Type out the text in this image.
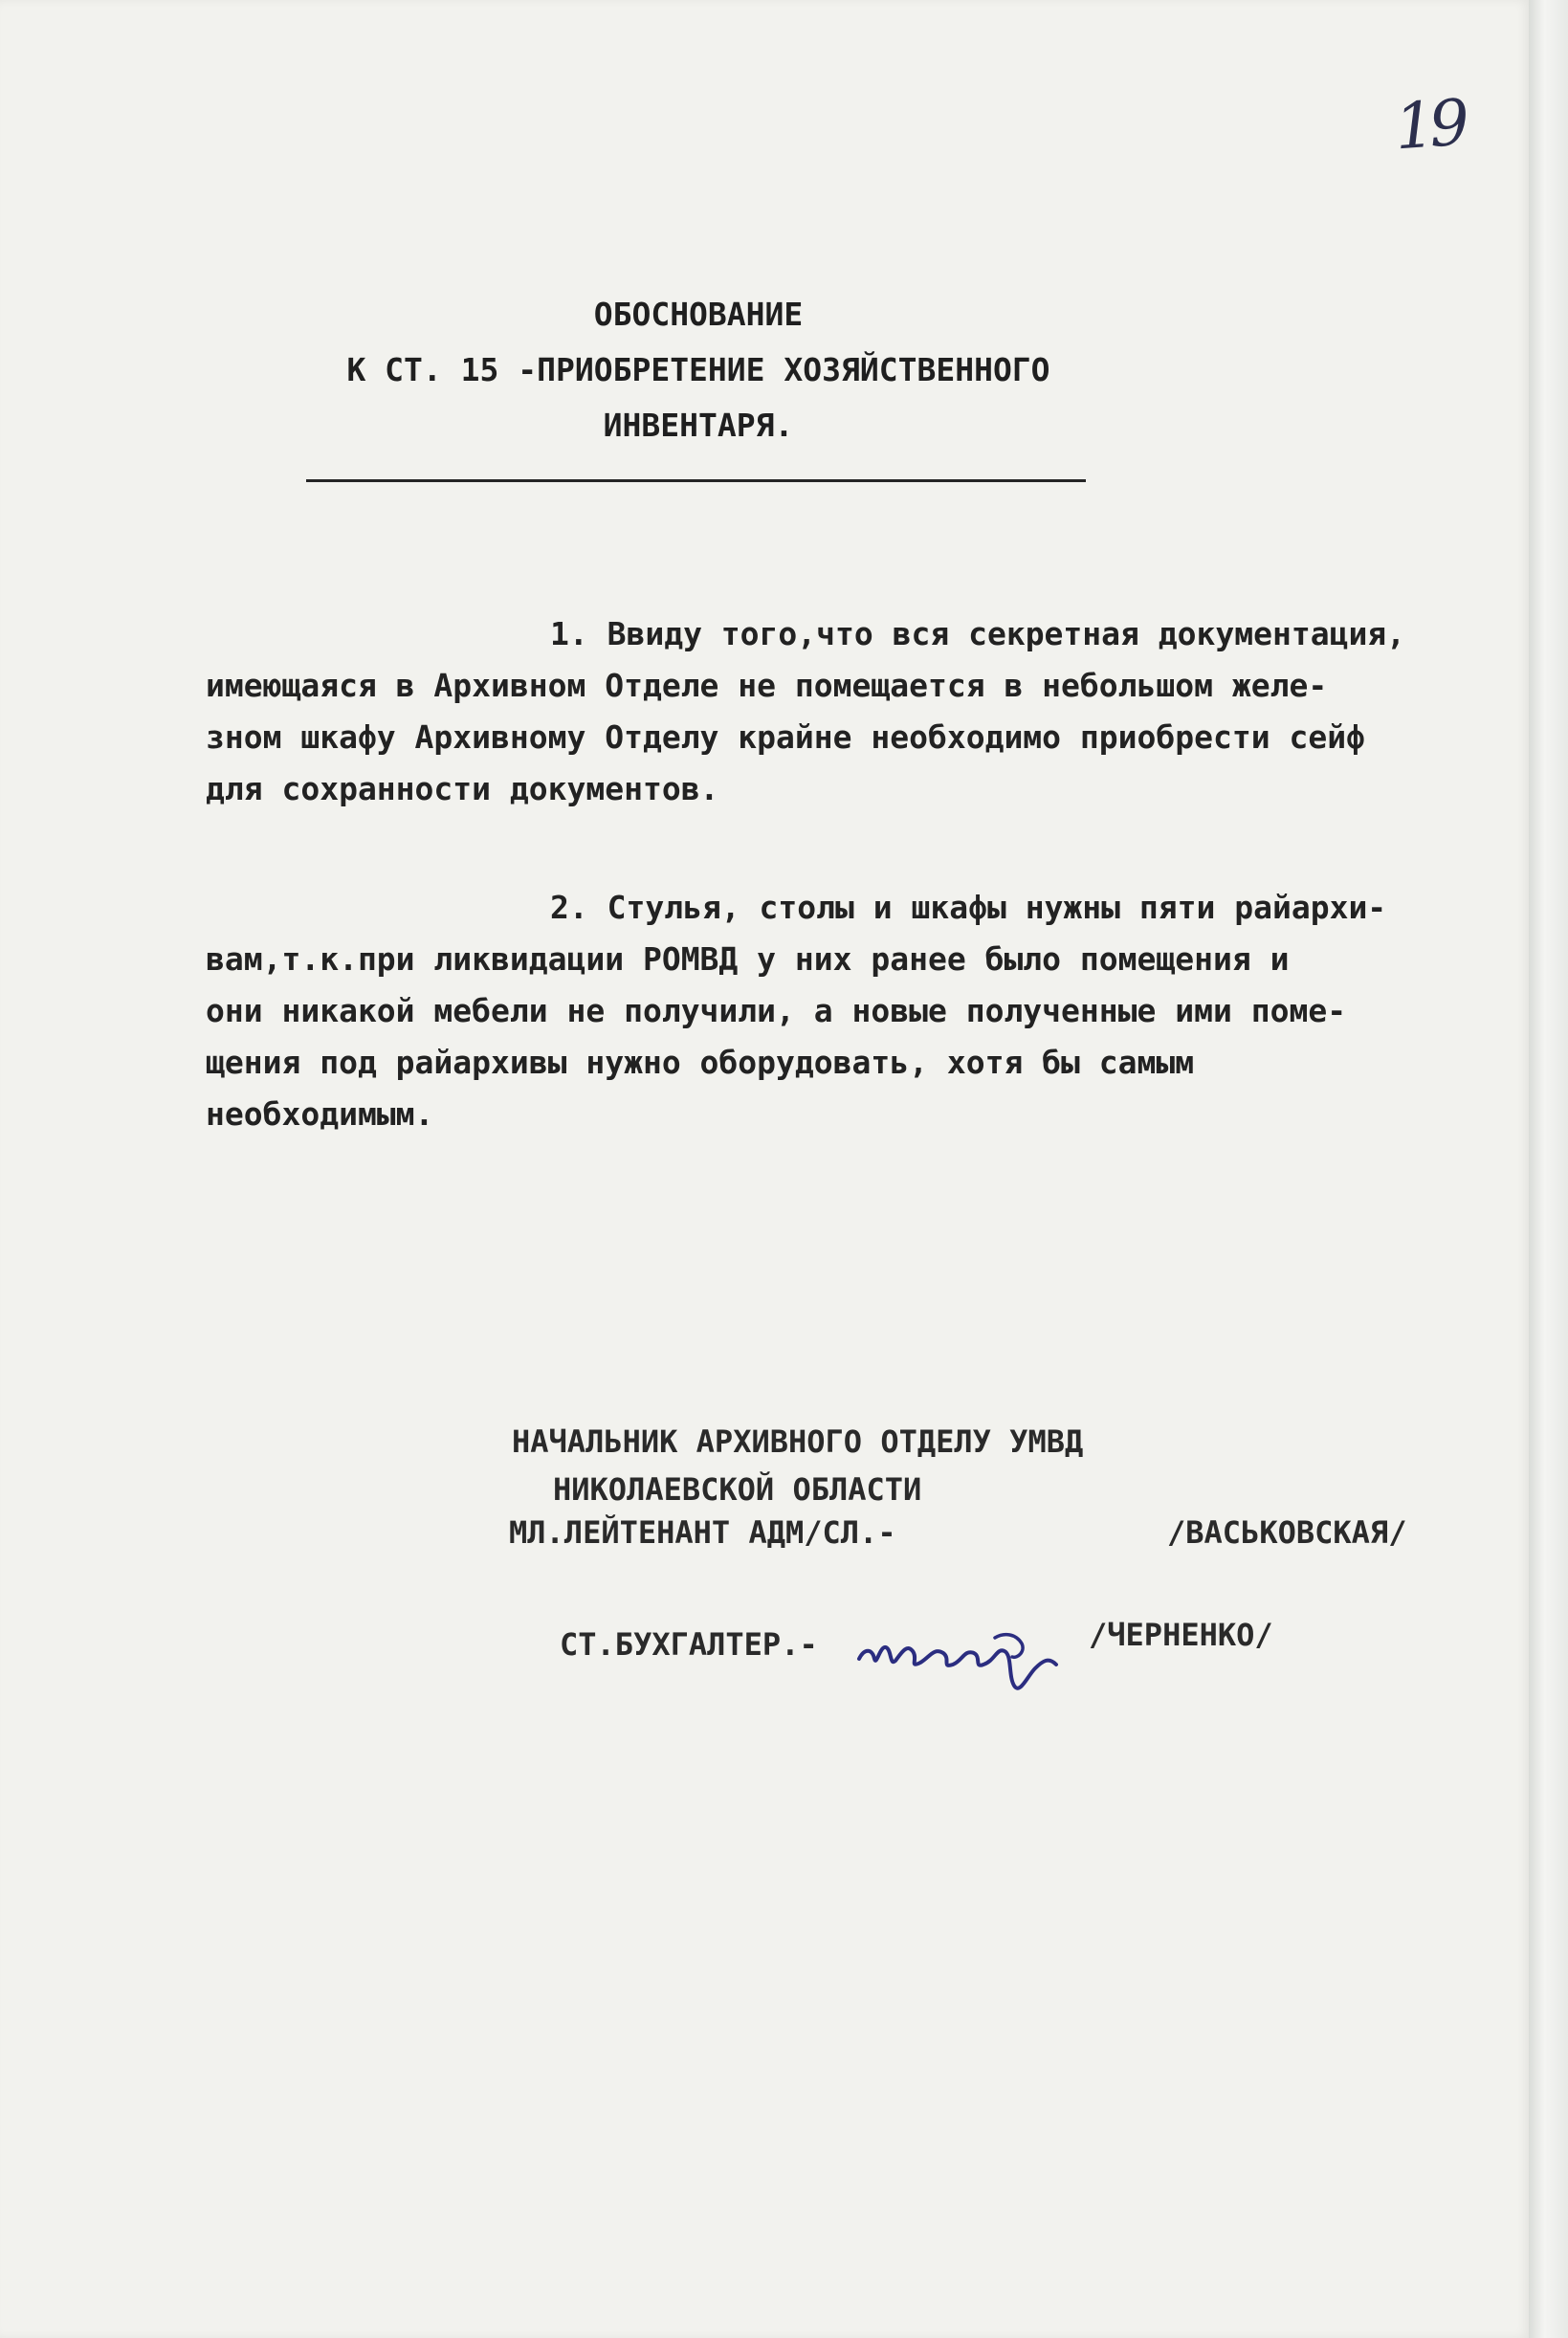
19
ОБОСНОВАНИЕ
К СТ. 15 -ПРИОБРЕТЕНИЕ ХОЗЯЙСТВЕННОГО
ИНВЕНТАРЯ.
1. Ввиду того,что вся секретная документация,
имеющаяся в Архивном Отделе не помещается в небольшом желе-
зном шкафу Архивному Отделу крайне необходимо приобрести сейф
для сохранности документов.
2. Стулья, столы и шкафы нужны пяти райархи-
вам,т.к.при ликвидации РОМВД у них ранее было помещения и
они никакой мебели не получили, а новые полученные ими поме-
щения под райархивы нужно оборудовать, хотя бы самым
необходимым.
НАЧАЛЬНИК АРХИВНОГО ОТДЕЛУ УМВД
НИКОЛАЕВСКОЙ ОБЛАСТИ
МЛ.ЛЕЙТЕНАНТ АДМ/СЛ.-	/ВАСЬКОВСКАЯ/
СТ.БУХГАЛТЕР.-	/ЧЕРНЕНКО/
